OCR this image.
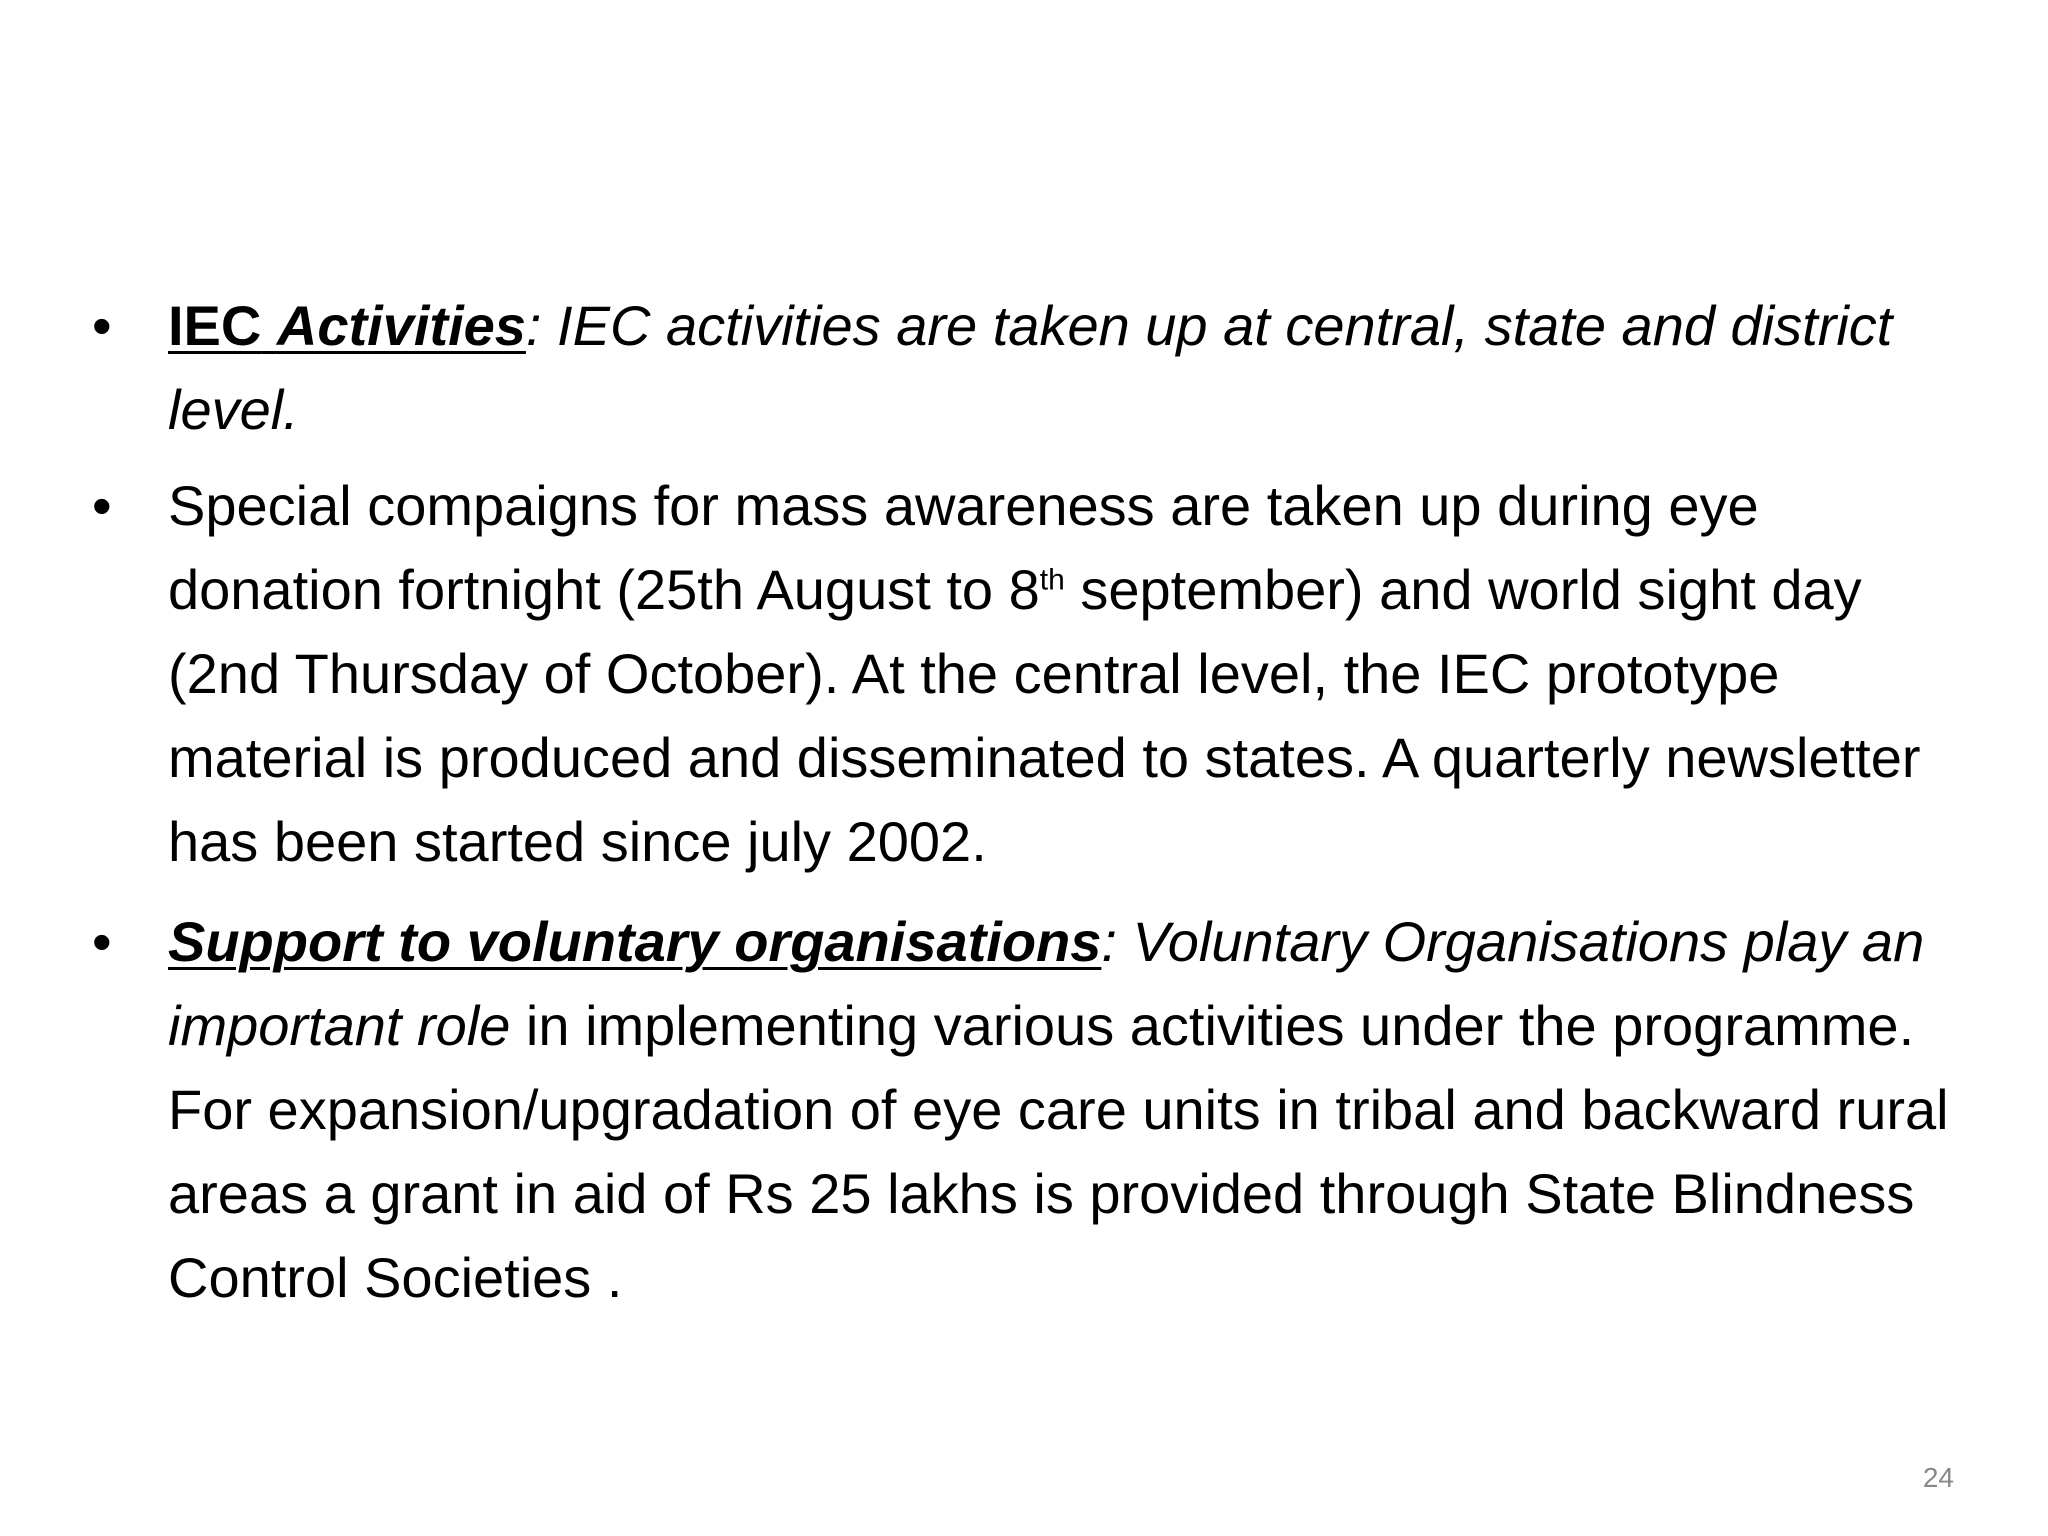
• IEC Activities: IEC activities are taken up at central, state and district level.
• Special compaigns for mass awareness are taken up during eye donation fortnight (25th August to 8th september) and world sight day (2nd Thursday of October). At the central level, the IEC prototype material is produced and disseminated to states. A quarterly newsletter has been started since july 2002.
• Support to voluntary organisations: Voluntary Organisations play an important role in implementing various activities under the programme. For expansion/upgradation of eye care units in tribal and backward rural areas a grant in aid of Rs 25 lakhs is provided through State Blindness Control Societies .
24
